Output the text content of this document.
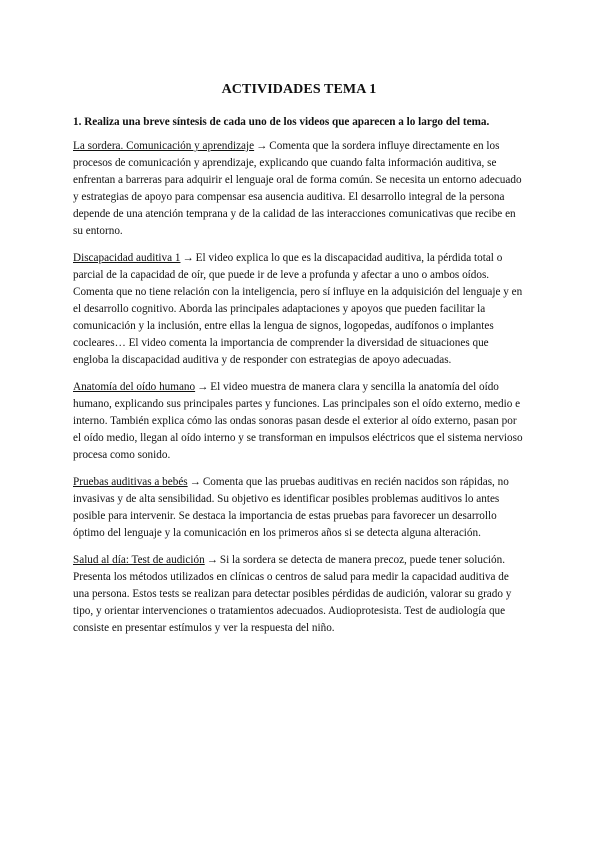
ACTIVIDADES TEMA 1
1. Realiza una breve síntesis de cada uno de los videos que aparecen a lo largo del tema.

La sordera. Comunicación y aprendizaje → Comenta que la sordera influye directamente en los procesos de comunicación y aprendizaje, explicando que cuando falta información auditiva, se enfrentan a barreras para adquirir el lenguaje oral de forma común. Se necesita un entorno adecuado y estrategias de apoyo para compensar esa ausencia auditiva. El desarrollo integral de la persona depende de una atención temprana y de la calidad de las interacciones comunicativas que recibe en su entorno.

Discapacidad auditiva 1 → El video explica lo que es la discapacidad auditiva, la pérdida total o parcial de la capacidad de oír, que puede ir de leve a profunda y afectar a uno o ambos oídos. Comenta que no tiene relación con la inteligencia, pero sí influye en la adquisición del lenguaje y en el desarrollo cognitivo. Aborda las principales adaptaciones y apoyos que pueden facilitar la comunicación y la inclusión, entre ellas la lengua de signos, logopedas, audífonos o implantes cocleares… El video comenta la importancia de comprender la diversidad de situaciones que engloba la discapacidad auditiva y de responder con estrategias de apoyo adecuadas.

Anatomía del oído humano → El video muestra de manera clara y sencilla la anatomía del oído humano, explicando sus principales partes y funciones. Las principales son el oído externo, medio e interno. También explica cómo las ondas sonoras pasan desde el exterior al oído externo, pasan por el oído medio, llegan al oído interno y se transforman en impulsos eléctricos que el sistema nervioso procesa como sonido.

Pruebas auditivas a bebés → Comenta que las pruebas auditivas en recién nacidos son rápidas, no invasivas y de alta sensibilidad. Su objetivo es identificar posibles problemas auditivos lo antes posible para intervenir. Se destaca la importancia de estas pruebas para favorecer un desarrollo óptimo del lenguaje y la comunicación en los primeros años si se detecta alguna alteración.

Salud al día: Test de audición → Si la sordera se detecta de manera precoz, puede tener solución. Presenta los métodos utilizados en clínicas o centros de salud para medir la capacidad auditiva de una persona. Estos tests se realizan para detectar posibles pérdidas de audición, valorar su grado y tipo, y orientar intervenciones o tratamientos adecuados. Audioprotesista. Test de audiología que consiste en presentar estímulos y ver la respuesta del niño.
